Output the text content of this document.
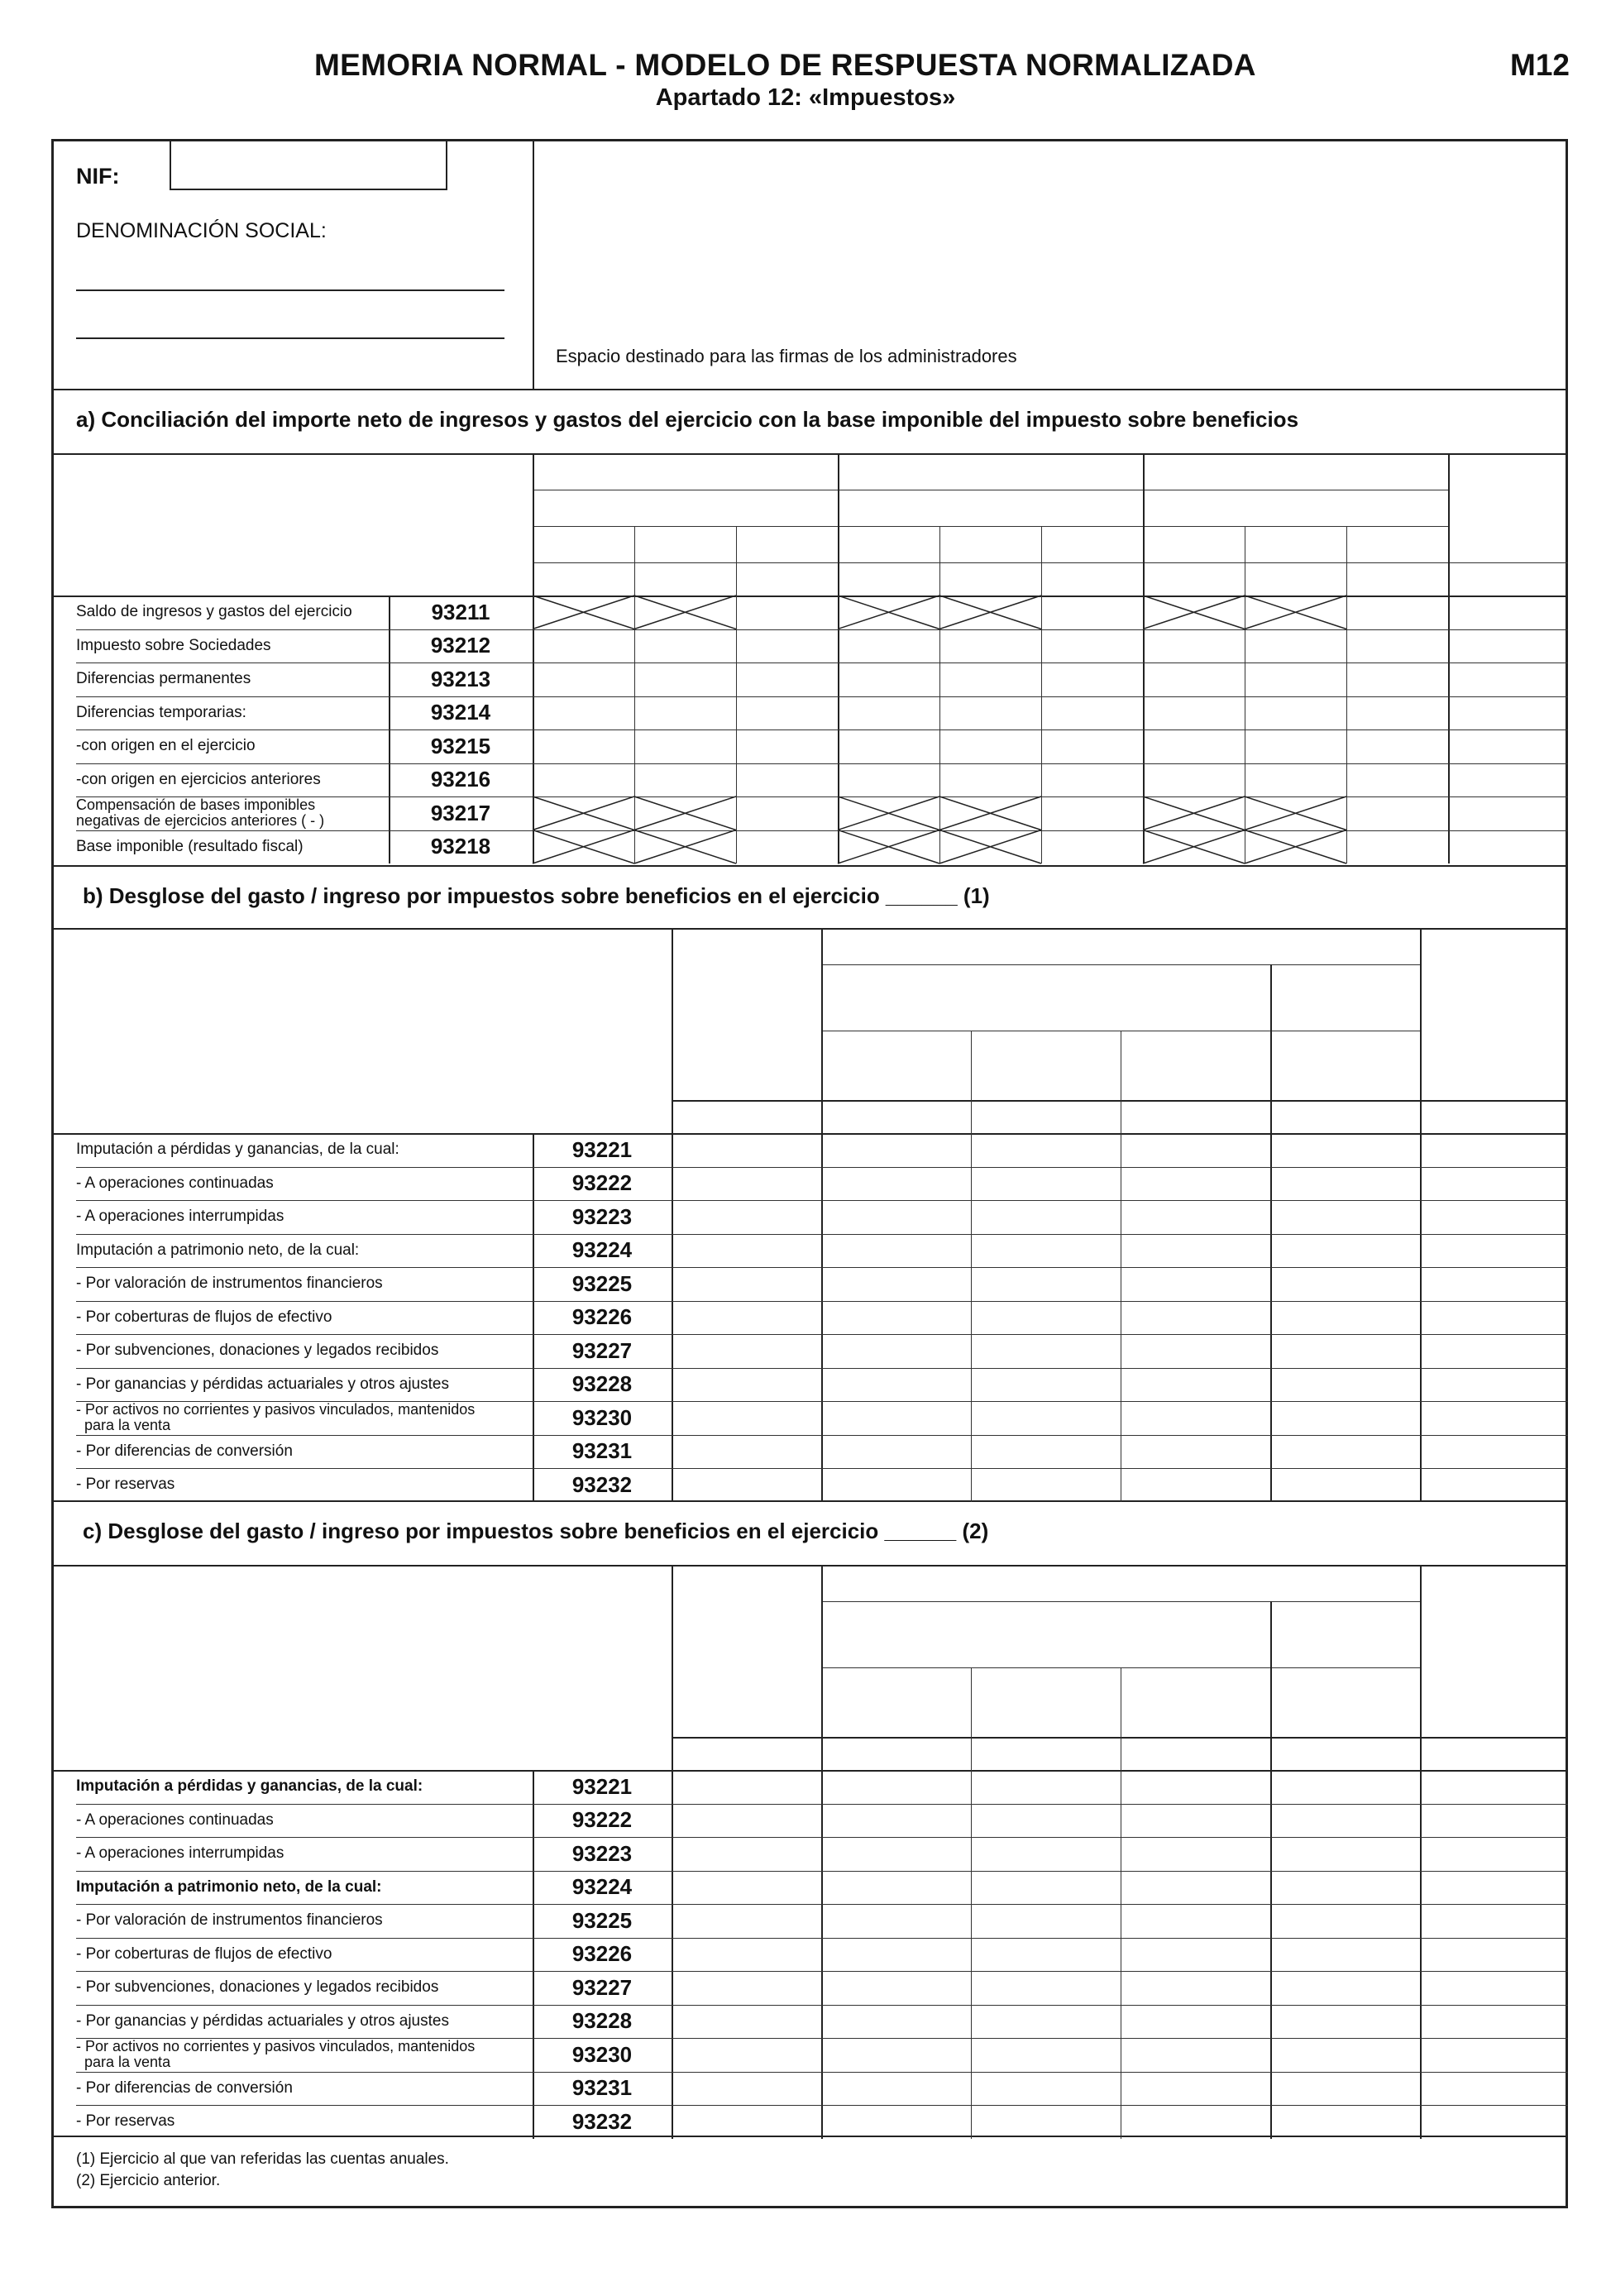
MEMORIA NORMAL - MODELO DE RESPUESTA NORMALIZADA	M12
Apartado 12: «Impuestos»
NIF:
DENOMINACIÓN SOCIAL:
Espacio destinado para las firmas de los administradores
a) Conciliación del importe neto de ingresos y gastos del ejercicio con la base imponible del impuesto sobre beneficios
b) Desglose del gasto / ingreso por impuestos sobre beneficios en el ejercicio ______ (1)
c) Desglose del gasto / ingreso por impuestos sobre beneficios en el ejercicio ______ (2)
(1) Ejercicio al que van referidas las cuentas anuales.
(2) Ejercicio anterior.
Saldo de ingresos y gastos del ejercicio	93211
Impuesto sobre Sociedades	93212
Diferencias permanentes	93213
Diferencias temporarias:	93214
-con origen en el ejercicio	93215
-con origen en ejercicios anteriores	93216
Compensación de bases imponibles
negativas de ejercicios anteriores ( - )	93217
Base imponible (resultado fiscal)	93218
Imputación a pérdidas y ganancias, de la cual:	93221
- A operaciones continuadas	93222
- A operaciones interrumpidas	93223
Imputación a patrimonio neto, de la cual:	93224
- Por valoración de instrumentos financieros	93225
- Por coberturas de flujos de efectivo	93226
- Por subvenciones, donaciones y legados recibidos	93227
- Por ganancias y pérdidas actuariales y otros ajustes	93228
- Por activos no corrientes y pasivos vinculados, mantenidos
para la venta	93230
- Por diferencias de conversión	93231
- Por reservas	93232
Imputación a pérdidas y ganancias, de la cual:	93221
- A operaciones continuadas	93222
- A operaciones interrumpidas	93223
Imputación a patrimonio neto, de la cual:	93224
- Por valoración de instrumentos financieros	93225
- Por coberturas de flujos de efectivo	93226
- Por subvenciones, donaciones y legados recibidos	93227
- Por ganancias y pérdidas actuariales y otros ajustes	93228
- Por activos no corrientes y pasivos vinculados, mantenidos
para la venta	93230
- Por diferencias de conversión	93231
- Por reservas	93232
